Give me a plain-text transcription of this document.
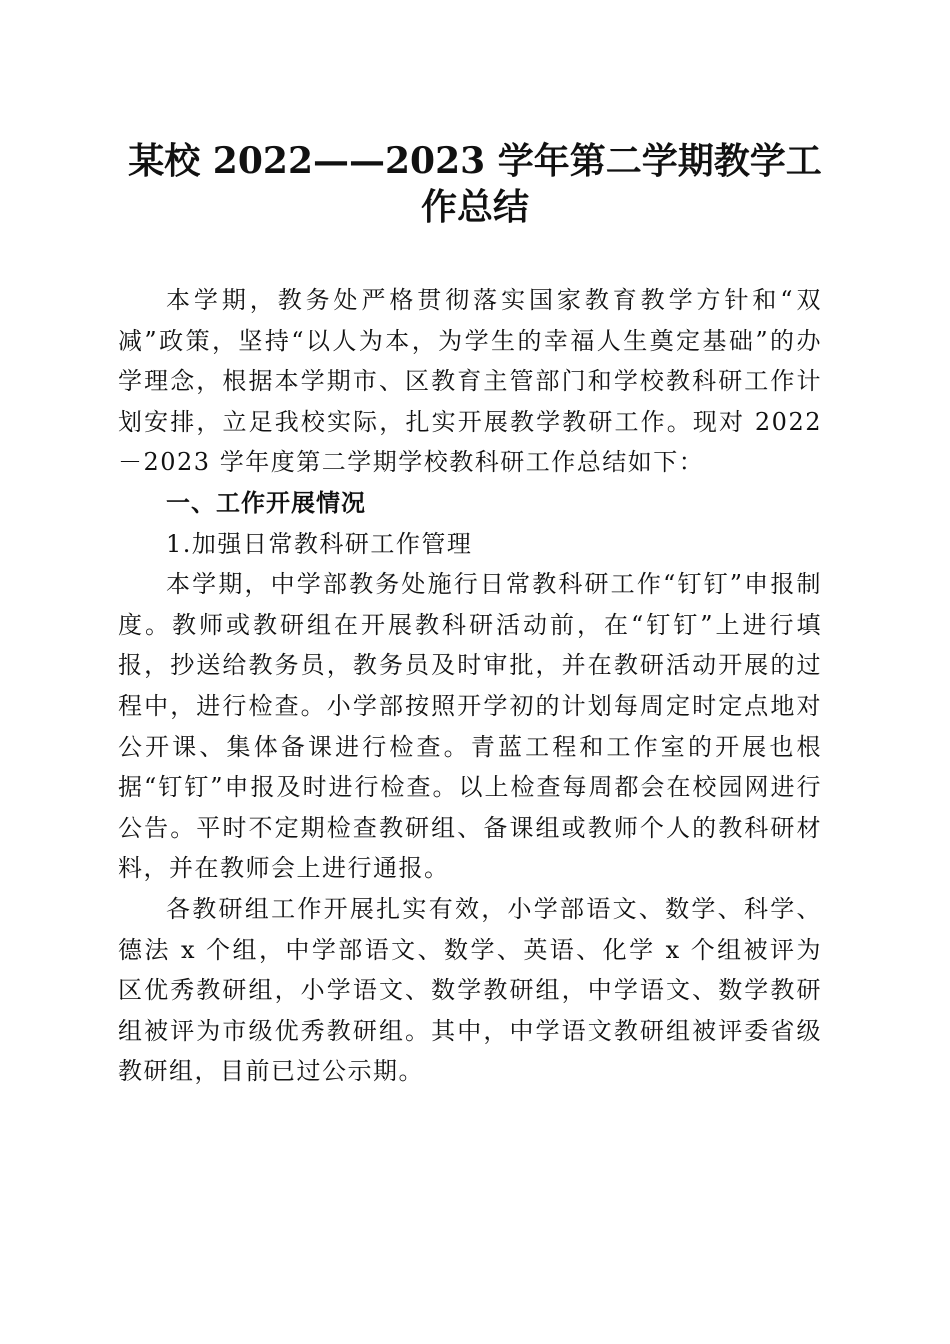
某校 2022——2023 学年第二学期教学工作总结

本学期，教务处严格贯彻落实国家教育教学方针和“双减”政策，坚持“以人为本，为学生的幸福人生奠定基础”的办学理念，根据本学期市、区教育主管部门和学校教科研工作计划安排，立足我校实际，扎实开展教学教研工作。现对 2022－2023 学年度第二学期学校教科研工作总结如下：

一、工作开展情况

1.加强日常教科研工作管理

本学期，中学部教务处施行日常教科研工作“钉钉”申报制度。教师或教研组在开展教科研活动前，在“钉钉”上进行填报，抄送给教务员，教务员及时审批，并在教研活动开展的过程中，进行检查。小学部按照开学初的计划每周定时定点地对公开课、集体备课进行检查。青蓝工程和工作室的开展也根据“钉钉”申报及时进行检查。以上检查每周都会在校园网进行公告。平时不定期检查教研组、备课组或教师个人的教科研材料，并在教师会上进行通报。

各教研组工作开展扎实有效，小学部语文、数学、科学、德法 x 个组，中学部语文、数学、英语、化学 x 个组被评为区优秀教研组，小学语文、数学教研组，中学语文、数学教研组被评为市级优秀教研组。其中，中学语文教研组被评委省级教研组，目前已过公示期。
